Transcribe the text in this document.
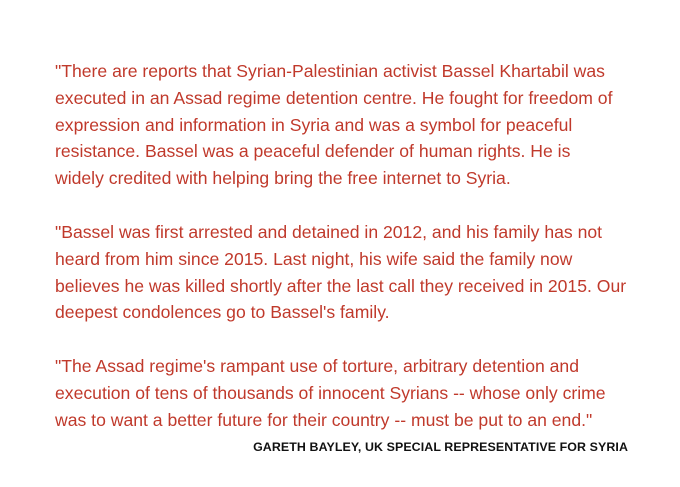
"There are reports that Syrian-Palestinian activist Bassel Khartabil was
executed in an Assad regime detention centre. He fought for freedom of
expression and information in Syria and was a symbol for peaceful
resistance. Bassel was a peaceful defender of human rights. He is
widely credited with helping bring the free internet to Syria.

"Bassel was first arrested and detained in 2012, and his family has not
heard from him since 2015. Last night, his wife said the family now
believes he was killed shortly after the last call they received in 2015. Our
deepest condolences go to Bassel's family.

"The Assad regime's rampant use of torture, arbitrary detention and
execution of tens of thousands of innocent Syrians -- whose only crime
was to want a better future for their country -- must be put to an end."

GARETH BAYLEY, UK SPECIAL REPRESENTATIVE FOR SYRIA
